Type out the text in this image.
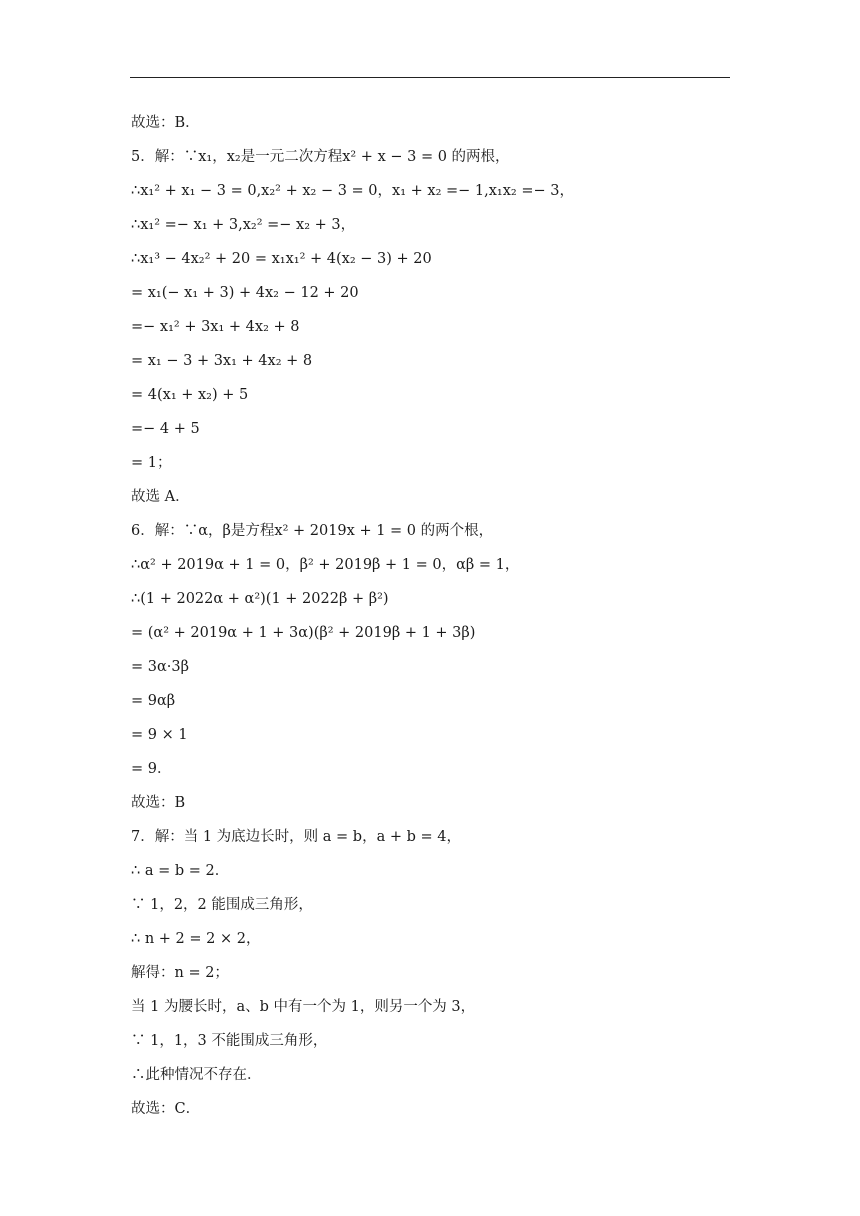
故选：B．
5．解：∵x₁，x₂是一元二次方程x² + x − 3 = 0 的两根，
∴x₁² + x₁ − 3 = 0,x₂² + x₂ − 3 = 0，x₁ + x₂ =− 1,x₁x₂ =− 3，
∴x₁² =− x₁ + 3,x₂² =− x₂ + 3，
∴x₁³ − 4x₂² + 20 = x₁x₁² + 4(x₂ − 3) + 20
= x₁(− x₁ + 3) + 4x₂ − 12 + 20
=− x₁² + 3x₁ + 4x₂ + 8
= x₁ − 3 + 3x₁ + 4x₂ + 8
= 4(x₁ + x₂) + 5
=− 4 + 5
= 1；
故选 A．
6．解：∵α，β是方程x² + 2019x + 1 = 0 的两个根，
∴α² + 2019α + 1 = 0，β² + 2019β + 1 = 0，αβ = 1，
∴(1 + 2022α + α²)(1 + 2022β + β²)
= (α² + 2019α + 1 + 3α)(β² + 2019β + 1 + 3β)
= 3α·3β
= 9αβ
= 9 × 1
= 9．
故选：B
7．解：当 1 为底边长时，则 a = b，a + b = 4，
∴ a = b = 2．
∵ 1，2，2 能围成三角形，
∴ n + 2 = 2 × 2，
解得：n = 2；
当 1 为腰长时，a、b 中有一个为 1，则另一个为 3，
∵ 1，1，3 不能围成三角形，
∴此种情况不存在．
故选：C．
